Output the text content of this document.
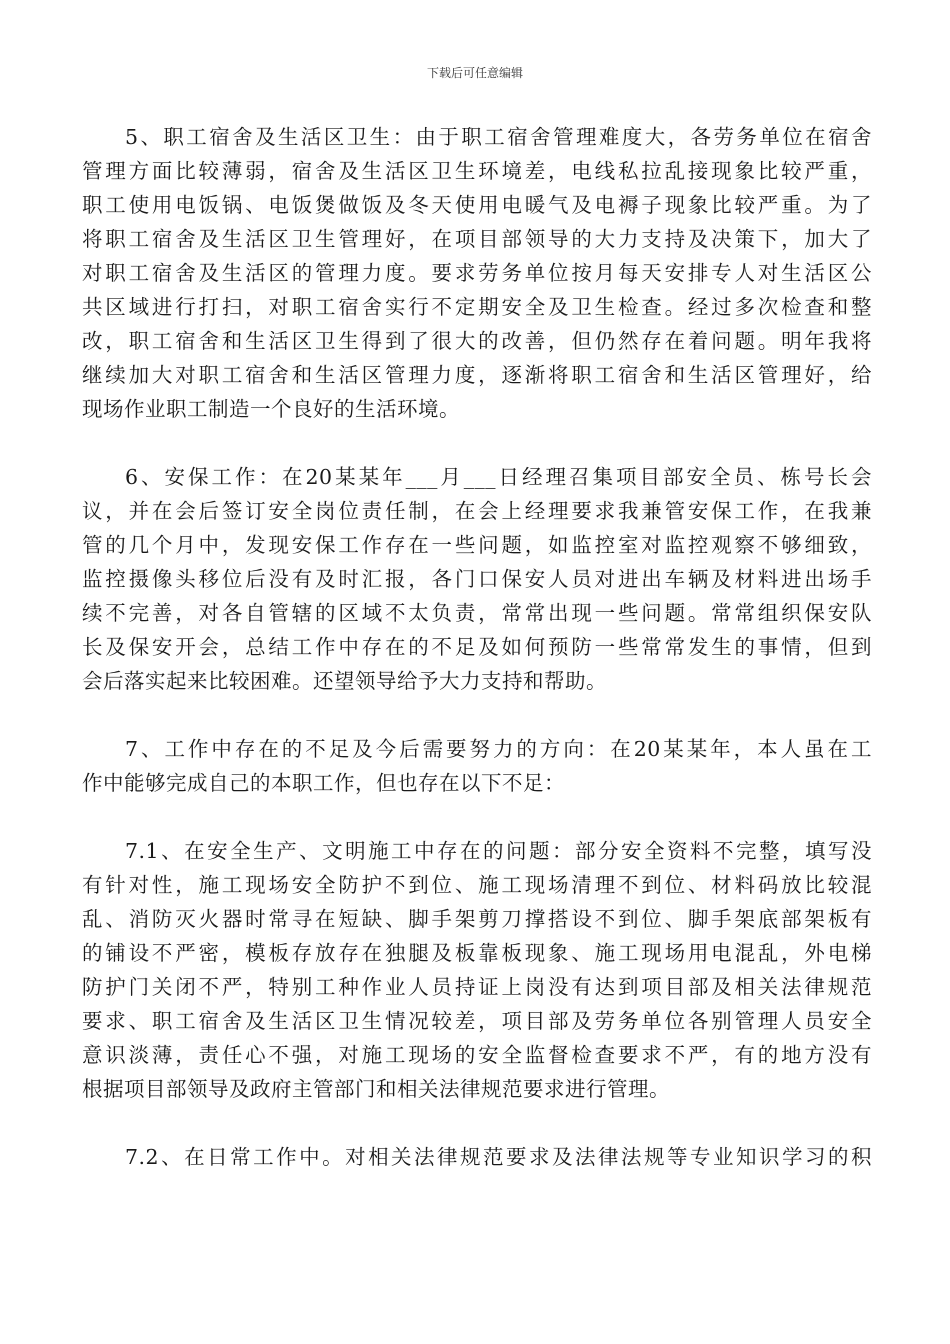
下载后可任意编辑

5、职工宿舍及生活区卫生：由于职工宿舍管理难度大，各劳务单位在宿舍
管理方面比较薄弱，宿舍及生活区卫生环境差，电线私拉乱接现象比较严重，
职工使用电饭锅、电饭煲做饭及冬天使用电暖气及电褥子现象比较严重。为了
将职工宿舍及生活区卫生管理好，在项目部领导的大力支持及决策下，加大了
对职工宿舍及生活区的管理力度。要求劳务单位按月每天安排专人对生活区公
共区域进行打扫，对职工宿舍实行不定期安全及卫生检查。经过多次检查和整
改，职工宿舍和生活区卫生得到了很大的改善，但仍然存在着问题。明年我将
继续加大对职工宿舍和生活区管理力度，逐渐将职工宿舍和生活区管理好，给
现场作业职工制造一个良好的生活环境。

6、安保工作：在20某某年___月___日经理召集项目部安全员、栋号长会
议，并在会后签订安全岗位责任制，在会上经理要求我兼管安保工作，在我兼
管的几个月中，发现安保工作存在一些问题，如监控室对监控观察不够细致，
监控摄像头移位后没有及时汇报，各门口保安人员对进出车辆及材料进出场手
续不完善，对各自管辖的区域不太负责，常常出现一些问题。常常组织保安队
长及保安开会，总结工作中存在的不足及如何预防一些常常发生的事情，但到
会后落实起来比较困难。还望领导给予大力支持和帮助。

7、工作中存在的不足及今后需要努力的方向：在20某某年，本人虽在工
作中能够完成自己的本职工作，但也存在以下不足：

7.1、在安全生产、文明施工中存在的问题：部分安全资料不完整，填写没
有针对性，施工现场安全防护不到位、施工现场清理不到位、材料码放比较混
乱、消防灭火器时常寻在短缺、脚手架剪刀撑搭设不到位、脚手架底部架板有
的铺设不严密，模板存放存在独腿及板靠板现象、施工现场用电混乱，外电梯
防护门关闭不严，特别工种作业人员持证上岗没有达到项目部及相关法律规范
要求、职工宿舍及生活区卫生情况较差，项目部及劳务单位各别管理人员安全
意识淡薄，责任心不强，对施工现场的安全监督检查要求不严，有的地方没有
根据项目部领导及政府主管部门和相关法律规范要求进行管理。

7.2、在日常工作中。对相关法律规范要求及法律法规等专业知识学习的积
